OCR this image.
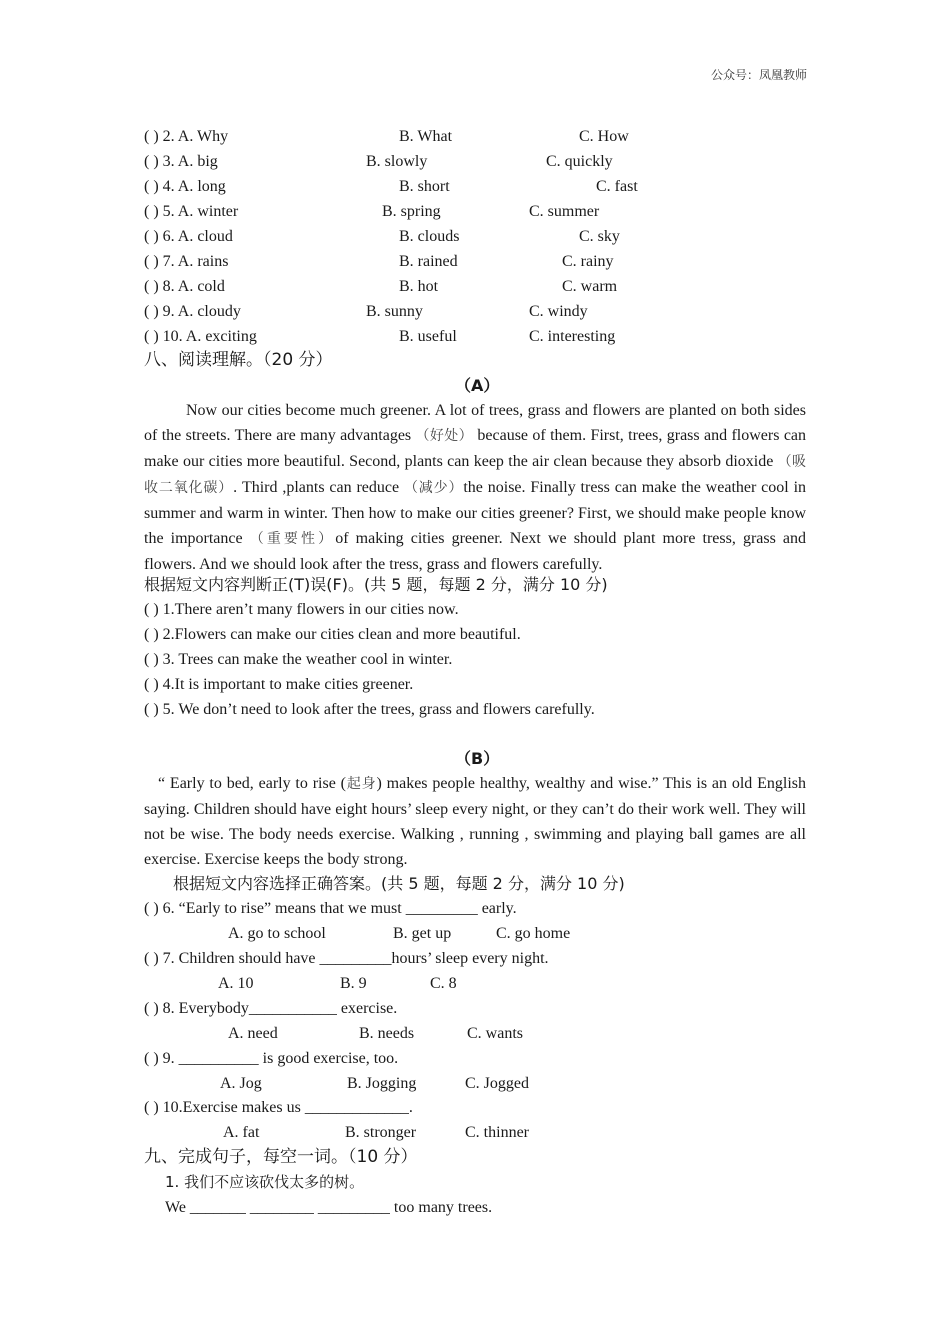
公众号：凤凰教师
( ) 2. A. Why	B. What	C. How
( ) 3. A. big	B. slowly	C. quickly
( ) 4. A. long	B. short	C. fast
( ) 5. A. winter	B. spring	C. summer
( ) 6. A. cloud	B. clouds	C. sky
( ) 7. A. rains	B. rained	C. rainy
( ) 8. A. cold	B. hot	C. warm
( ) 9. A. cloudy	B. sunny	C. windy
( ) 10. A. exciting	B. useful	C. interesting
八、阅读理解。（20 分）
（A）
Now our cities become much greener. A lot of trees, grass and flowers are planted on both sides of the streets. There are many advantages （好处） because of them. First, trees, grass and flowers can make our cities more beautiful. Second, plants can keep the air clean because they absorb dioxide （吸收二氧化碳）. Third ,plants can reduce （减少）the noise. Finally tress can make the weather cool in summer and warm in winter. Then how to make our cities greener? First, we should make people know the importance （重要性）of making cities greener. Next we should plant more tress, grass and flowers. And we should look after the tress, grass and flowers carefully.
根据短文内容判断正(T)误(F)。(共 5 题，每题 2 分，满分 10 分)
( ) 1.There aren’t many flowers in our cities now.
( ) 2.Flowers can make our cities clean and more beautiful.
( ) 3. Trees can make the weather cool in winter.
( ) 4.It is important to make cities greener.
( ) 5. We don’t need to look after the trees, grass and flowers carefully.
（B）
“ Early to bed, early to rise (起身) makes people healthy, wealthy and wise.” This is an old English saying. Children should have eight hours’ sleep every night, or they can’t do their work well. They will not be wise. The body needs exercise. Walking , running , swimming and playing ball games are all exercise. Exercise keeps the body strong.
根据短文内容选择正确答案。(共 5 题，每题 2 分，满分 10 分)
( ) 6. “Early to rise” means that we must _________ early.
A. go to school	B. get up	C. go home
( ) 7. Children should have _________hours’ sleep every night.
A. 10	B. 9	C. 8
( ) 8. Everybody___________ exercise.
A. need	B. needs	C. wants
( ) 9. __________ is good exercise, too.
A. Jog	B. Jogging	C. Jogged
( ) 10.Exercise makes us _____________.
A. fat	B. stronger	C. thinner
九、完成句子，每空一词。（10 分）
1. 我们不应该砍伐太多的树。
We _______ ________ _________ too many trees.
